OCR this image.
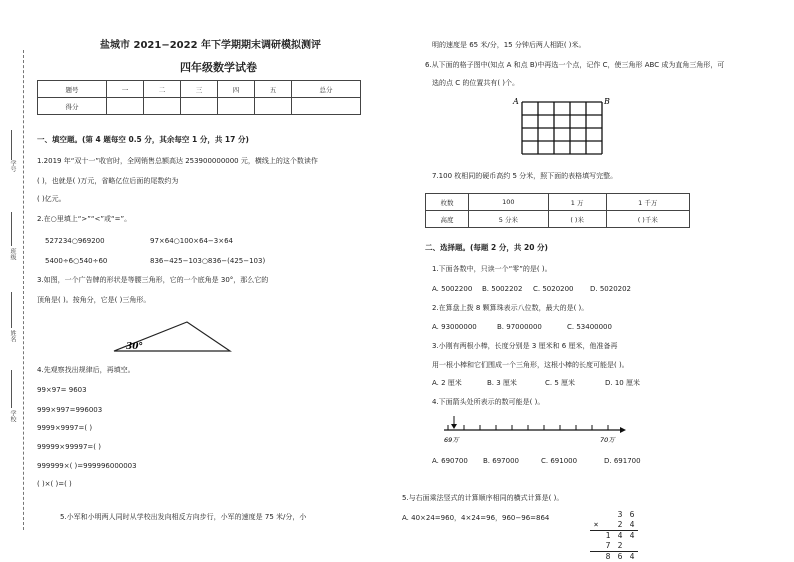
学号
班级
姓名
学校
盐城市 2021−2022 年下学期期末调研模拟测评
四年级数学试卷
题号	一	二	三	四	五	总分
得分						
一、填空题。(第 4 题每空 0.5 分，其余每空 1 分，共 17 分)
1.2019 年“双十一”收官时，全网销售总额高达 253900000000 元，横线上的这个数读作
( )，也就是( )万元，省略亿位后面的尾数约为
( )亿元。
2.在○里填上“>”“<”或“=”。
527234○969200	97×64○100×64−3×64
5400÷6○540÷60	836−425−103○836−(425−103)
3.如图，一个广告牌的形状是等腰三角形，它的一个底角是 30°，那么它的
顶角是( )。按角分，它是( )三角形。
30°
4.先观察找出规律后，再填空。
99×97= 9603
999×997=996003
9999×9997=( )
99999×99997=( )
999999×( )=999996000003
( )×( )=( )
5.小军和小明两人同时从学校出发向相反方向步行，小军的速度是 75 米/分，小
明的速度是 65 米/分，15 分钟后两人相距( )米。
6.从下面的格子图中(知点 A 和点 B)中再选一个点，记作 C，使三角形 ABC 成为直角三角形，可
选的点 C 的位置共有( )个。
A	B
7.100 枚相同的硬币高约 5 分米，照下面的表格填写完整。
枚数	100	1 万	1 千万
高度	5 分米	( )米	( )千米
二、选择题。(每题 2 分，共 20 分)
1.下面各数中，只读一个“零”的是( )。
A. 5002200 B. 5002202 C. 5020200 D. 5020202
2.在算盘上拨 8 颗算珠表示八位数，最大的是( )。
A. 93000000	B. 97000000	C. 53400000
3.小刚有两根小棒，长度分别是 3 厘米和 6 厘米，他准备再
用一根小棒和它们围成一个三角形，这根小棒的长度可能是( )。
A. 2 厘米	B. 3 厘米	C. 5 厘米	D. 10 厘米
4.下面箭头处所表示的数可能是( )。
69万	70万
A. 690700 B. 697000	C. 691000	D. 691700
5.与右面乘法竖式的计算顺序相同的横式计算是( )。
A. 40×24=960，4×24=96，960−96=864	3 6
×	2 4
1 4 4
7 2
8 6 4
